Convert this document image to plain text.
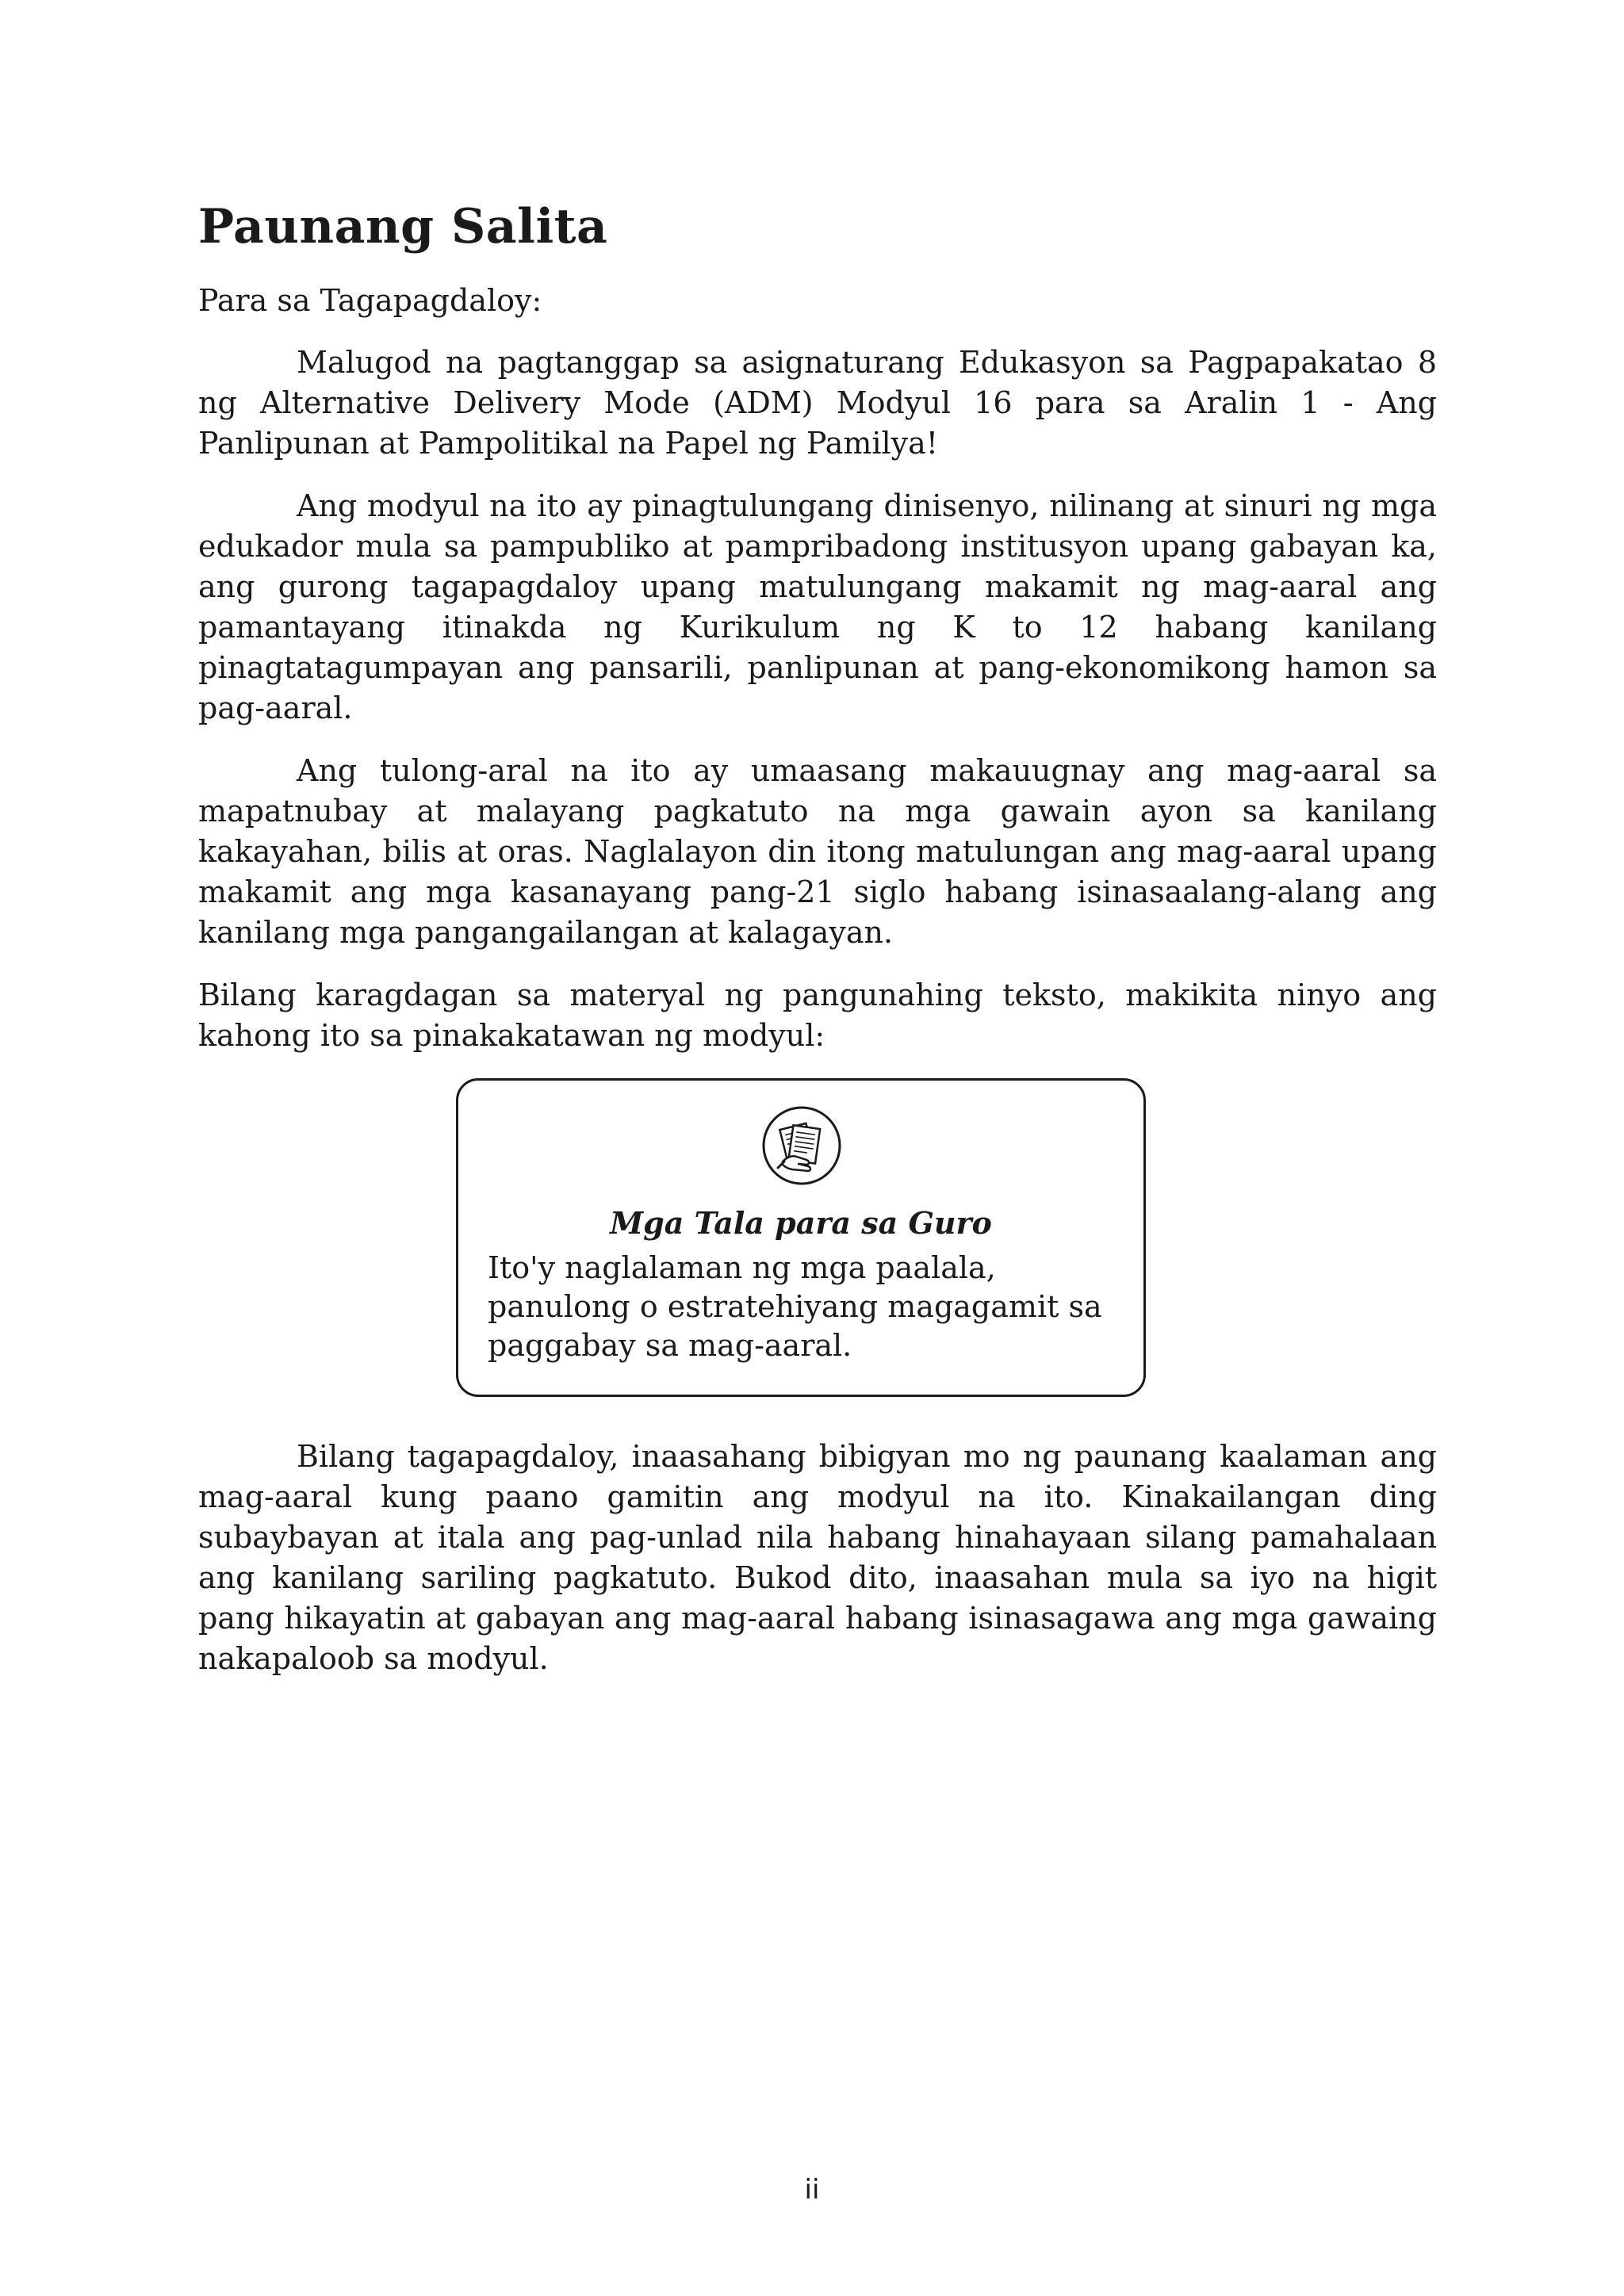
Paunang Salita

Para sa Tagapagdaloy:

Malugod na pagtanggap sa asignaturang Edukasyon sa Pagpapakatao 8 ng Alternative Delivery Mode (ADM) Modyul 16 para sa Aralin 1 - Ang Panlipunan at Pampolitikal na Papel ng Pamilya!

Ang modyul na ito ay pinagtulungang dinisenyo, nilinang at sinuri ng mga edukador mula sa pampubliko at pampribadong institusyon upang gabayan ka, ang gurong tagapagdaloy upang matulungang makamit ng mag-aaral ang pamantayang itinakda ng Kurikulum ng K to 12 habang kanilang pinagtatagumpayan ang pansarili, panlipunan at pang-ekonomikong hamon sa pag-aaral.

Ang tulong-aral na ito ay umaasang makauugnay ang mag-aaral sa mapatnubay at malayang pagkatuto na mga gawain ayon sa kanilang kakayahan, bilis at oras. Naglalayon din itong matulungan ang mag-aaral upang makamit ang mga kasanayang pang-21 siglo habang isinasaalang-alang ang kanilang mga pangangailangan at kalagayan.

Bilang karagdagan sa materyal ng pangunahing teksto, makikita ninyo ang kahong ito sa pinakakatawan ng modyul:

Mga Tala para sa Guro
Ito'y naglalaman ng mga paalala, panulong o estratehiyang magagamit sa paggabay sa mag-aaral.

Bilang tagapagdaloy, inaasahang bibigyan mo ng paunang kaalaman ang mag-aaral kung paano gamitin ang modyul na ito. Kinakailangan ding subaybayan at itala ang pag-unlad nila habang hinahayaan silang pamahalaan ang kanilang sariling pagkatuto. Bukod dito, inaasahan mula sa iyo na higit pang hikayatin at gabayan ang mag-aaral habang isinasagawa ang mga gawaing nakapaloob sa modyul.

ii
